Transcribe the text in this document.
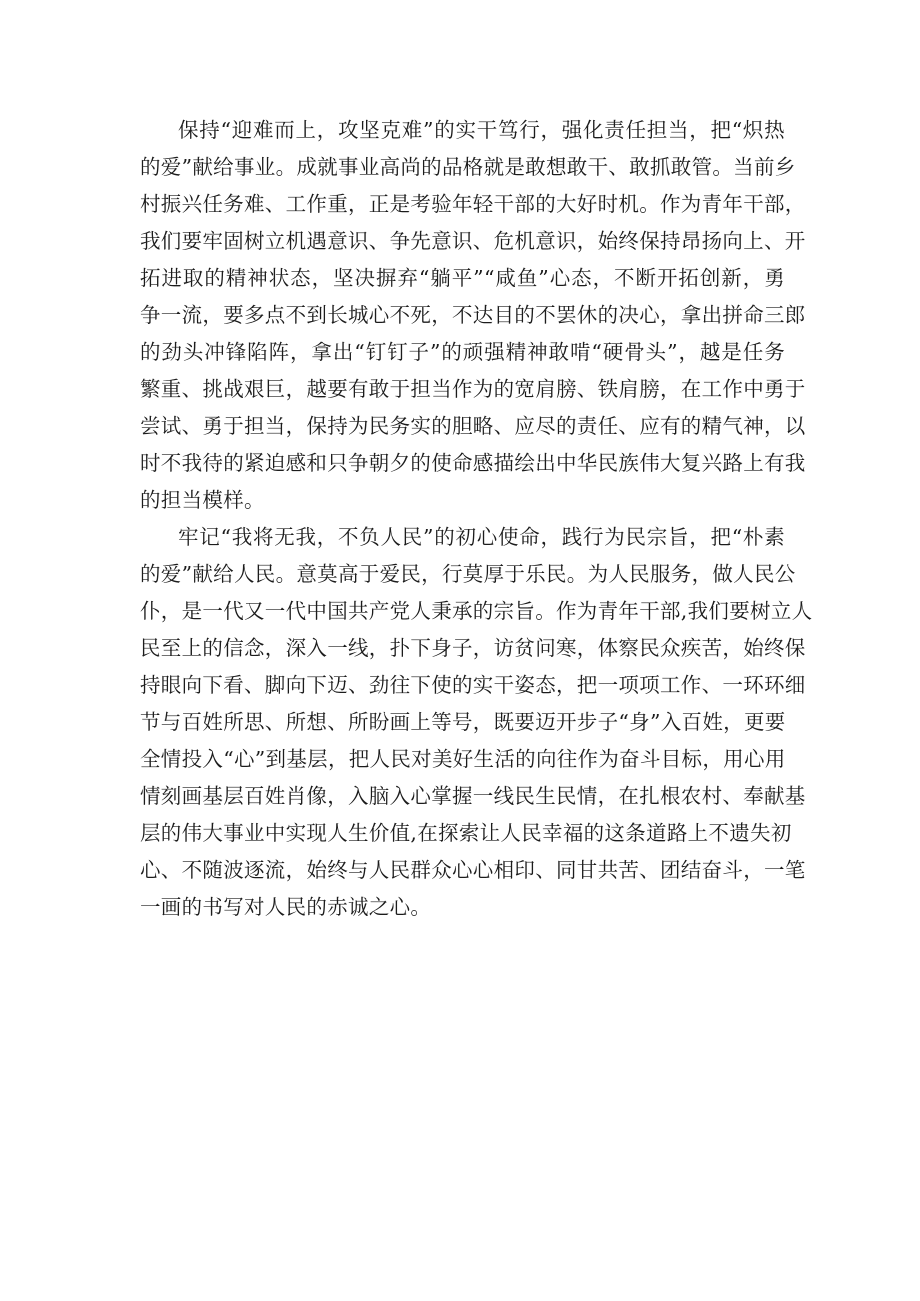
保持“迎难而上，攻坚克难”的实干笃行，强化责任担当，把“炽热
的爱”献给事业。成就事业高尚的品格就是敢想敢干、敢抓敢管。当前乡
村振兴任务难、工作重，正是考验年轻干部的大好时机。作为青年干部，
我们要牢固树立机遇意识、争先意识、危机意识，始终保持昂扬向上、开
拓进取的精神状态，坚决摒弃“躺平”“咸鱼”心态，不断开拓创新，勇
争一流，要多点不到长城心不死，不达目的不罢休的决心，拿出拼命三郎
的劲头冲锋陷阵，拿出“钉钉子”的顽强精神敢啃“硬骨头”，越是任务
繁重、挑战艰巨，越要有敢于担当作为的宽肩膀、铁肩膀，在工作中勇于
尝试、勇于担当，保持为民务实的胆略、应尽的责任、应有的精气神，以
时不我待的紧迫感和只争朝夕的使命感描绘出中华民族伟大复兴路上有我
的担当模样。
牢记“我将无我，不负人民”的初心使命，践行为民宗旨，把“朴素
的爱”献给人民。意莫高于爱民，行莫厚于乐民。为人民服务，做人民公
仆，是一代又一代中国共产党人秉承的宗旨。作为青年干部,我们要树立人
民至上的信念，深入一线，扑下身子，访贫问寒，体察民众疾苦，始终保
持眼向下看、脚向下迈、劲往下使的实干姿态，把一项项工作、一环环细
节与百姓所思、所想、所盼画上等号，既要迈开步子“身”入百姓，更要
全情投入“心”到基层，把人民对美好生活的向往作为奋斗目标，用心用
情刻画基层百姓肖像，入脑入心掌握一线民生民情，在扎根农村、奉献基
层的伟大事业中实现人生价值,在探索让人民幸福的这条道路上不遗失初
心、不随波逐流，始终与人民群众心心相印、同甘共苦、团结奋斗，一笔
一画的书写对人民的赤诚之心。
